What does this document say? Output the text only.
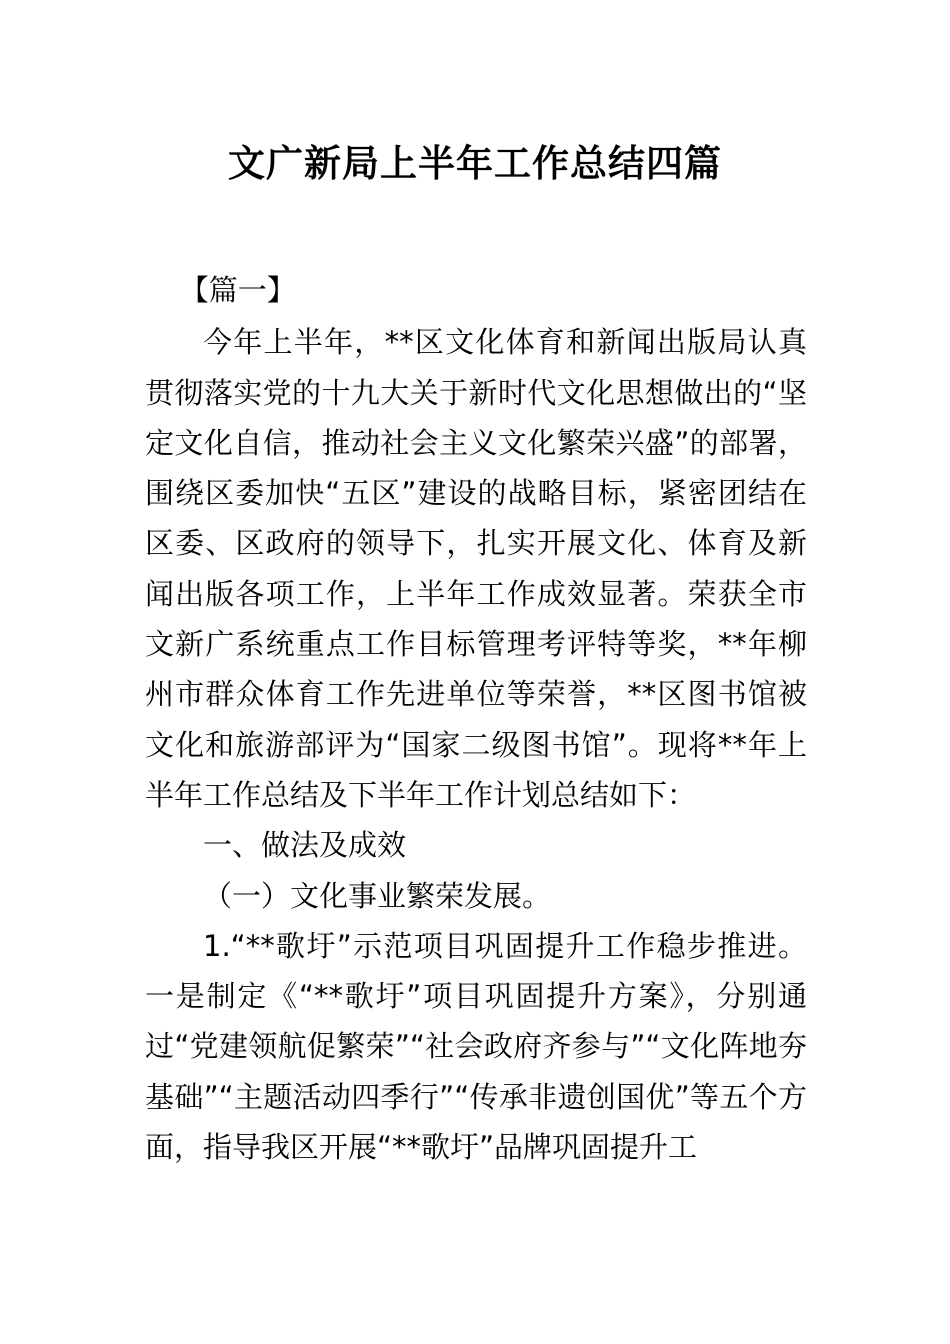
文广新局上半年工作总结四篇

【篇一】

今年上半年，**区文化体育和新闻出版局认真贯彻落实党的十九大关于新时代文化思想做出的“坚定文化自信，推动社会主义文化繁荣兴盛”的部署，围绕区委加快“五区”建设的战略目标，紧密团结在区委、区政府的领导下，扎实开展文化、体育及新闻出版各项工作，上半年工作成效显著。荣获全市文新广系统重点工作目标管理考评特等奖，**年柳州市群众体育工作先进单位等荣誉，**区图书馆被文化和旅游部评为“国家二级图书馆”。现将**年上半年工作总结及下半年工作计划总结如下：

一、做法及成效

（一）文化事业繁荣发展。

1.“**歌圩”示范项目巩固提升工作稳步推进。一是制定《“**歌圩”项目巩固提升方案》，分别通过“党建领航促繁荣”“社会政府齐参与”“文化阵地夯基础”“主题活动四季行”“传承非遗创国优”等五个方面，指导我区开展“**歌圩”品牌巩固提升工
